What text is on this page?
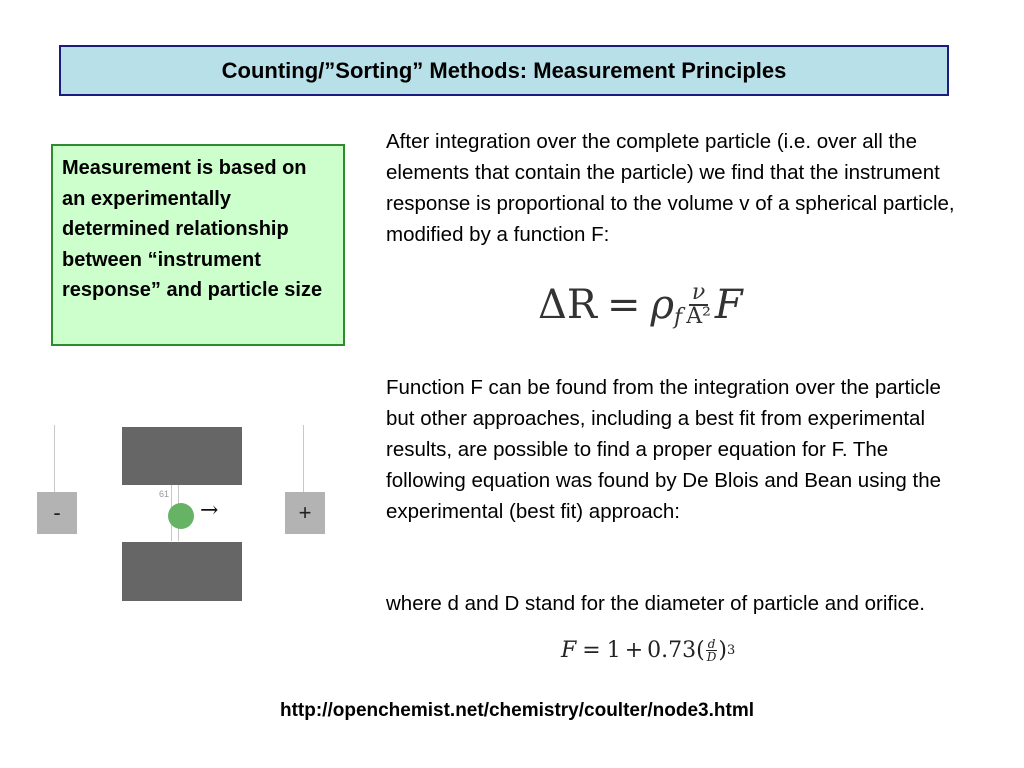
Counting/”Sorting” Methods: Measurement Principles
Measurement is based on an experimentally determined relationship between “instrument response” and particle size

After integration over the complete particle (i.e. over all the elements that contain the particle) we find that the instrument response is proportional to the volume v of a spherical particle, modified by a function F:

ΔR = ρ f $\frac{\nu}{\text{A²}}$ F

Function F can be found from the integration over the particle but other approaches, including a best fit from experimental results, are possible to find a proper equation for F. The following equation was found by De Blois and Bean using the experimental (best fit) approach:

where d and D stand for the diameter of particle and orifice.

$F = 1 + 0.73( \frac{d}{D}$ ) 3
-
61
→	+
http://openchemist.net/chemistry/coulter/node3.html
